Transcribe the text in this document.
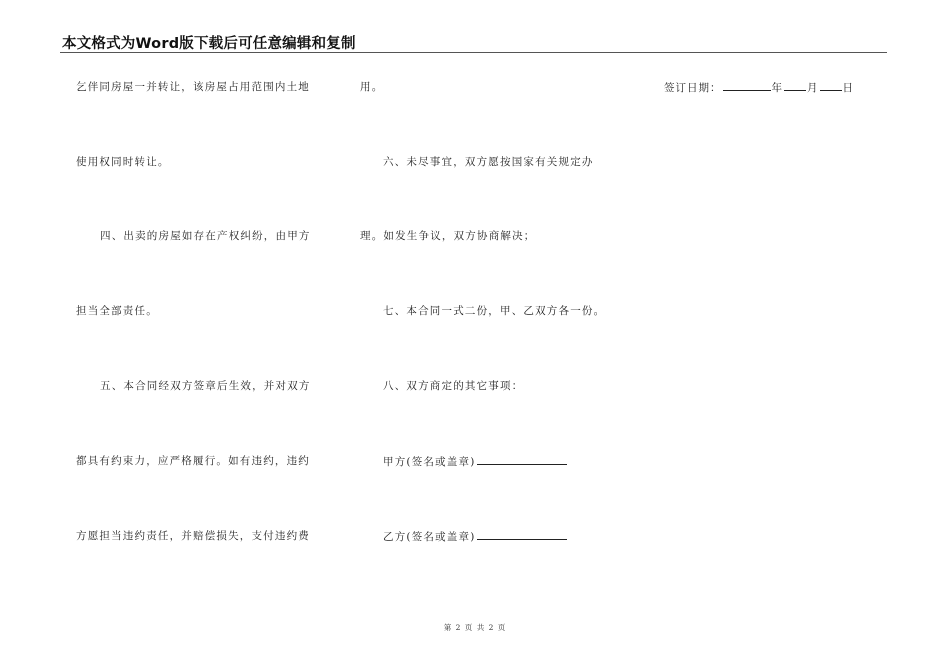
本文格式为Word版下载后可任意编辑和复制
乞伴同房屋一并转让，该房屋占用范围内土地
使用权同时转让。
四、出卖的房屋如存在产权纠纷，由甲方
担当全部责任。
五、本合同经双方签章后生效，并对双方
都具有约束力，应严格履行。如有违约，违约
方愿担当违约责任，并赔偿损失，支付违约费
用。
六、未尽事宜，双方愿按国家有关规定办
理。如发生争议，双方协商解决；
七、本合同一式二份，甲、乙双方各一份。
八、双方商定的其它事项：
甲方(签名或盖章)
乙方(签名或盖章)
签订日期：	年 月 日
第 2 页 共 2 页
